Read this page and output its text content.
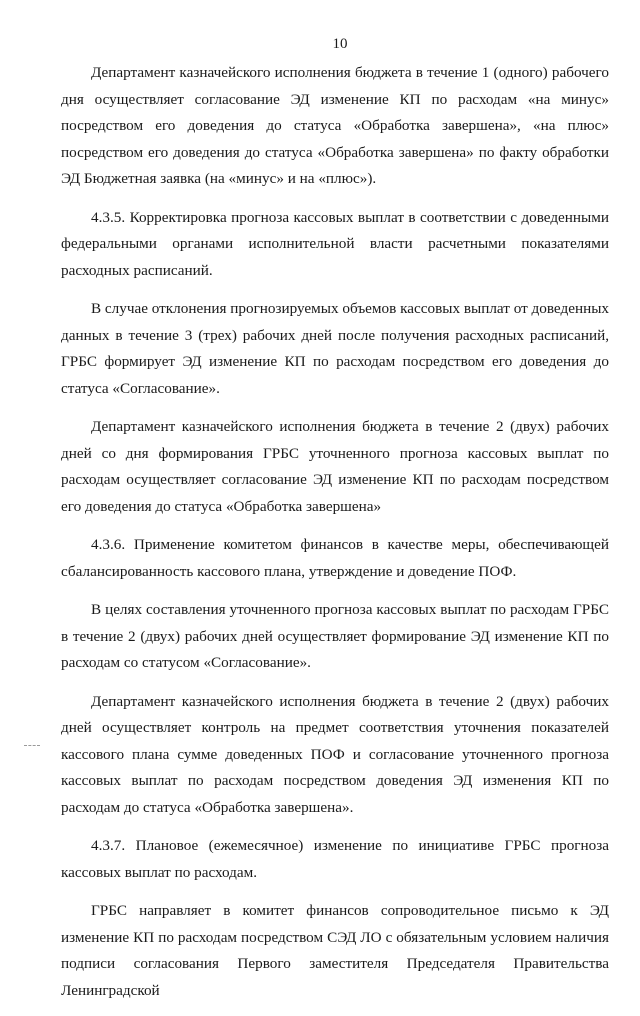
10

Департамент казначейского исполнения бюджета в течение 1 (одного) рабочего дня осуществляет согласование ЭД изменение КП по расходам «на минус» посредством его доведения до статуса «Обработка завершена», «на плюс» посредством его доведения до статуса «Обработка завершена» по факту обработки ЭД Бюджетная заявка (на «минус» и на «плюс»).

4.3.5. Корректировка прогноза кассовых выплат в соответствии с доведенными федеральными органами исполнительной власти расчетными показателями расходных расписаний.

В случае отклонения прогнозируемых объемов кассовых выплат от доведенных данных в течение 3 (трех) рабочих дней после получения расходных расписаний, ГРБС формирует ЭД изменение КП по расходам посредством его доведения до статуса «Согласование».

Департамент казначейского исполнения бюджета в течение 2 (двух) рабочих дней со дня формирования ГРБС уточненного прогноза кассовых выплат по расходам осуществляет согласование ЭД изменение КП по расходам посредством его доведения до статуса «Обработка завершена»

4.3.6. Применение комитетом финансов в качестве меры, обеспечивающей сбалансированность кассового плана, утверждение и доведение ПОФ.

В целях составления уточненного прогноза кассовых выплат по расходам ГРБС в течение 2 (двух) рабочих дней осуществляет формирование ЭД изменение КП по расходам со статусом «Согласование».

Департамент казначейского исполнения бюджета в течение 2 (двух) рабочих дней осуществляет контроль на предмет соответствия уточнения показателей кассового плана сумме доведенных ПОФ и согласование уточненного прогноза кассовых выплат по расходам посредством доведения ЭД изменения КП по расходам до статуса «Обработка завершена».

4.3.7. Плановое (ежемесячное) изменение по инициативе ГРБС прогноза кассовых выплат по расходам.

ГРБС направляет в комитет финансов сопроводительное письмо к ЭД изменение КП по расходам посредством СЭД ЛО с обязательным условием наличия подписи согласования Первого заместителя Председателя Правительства Ленинградской
